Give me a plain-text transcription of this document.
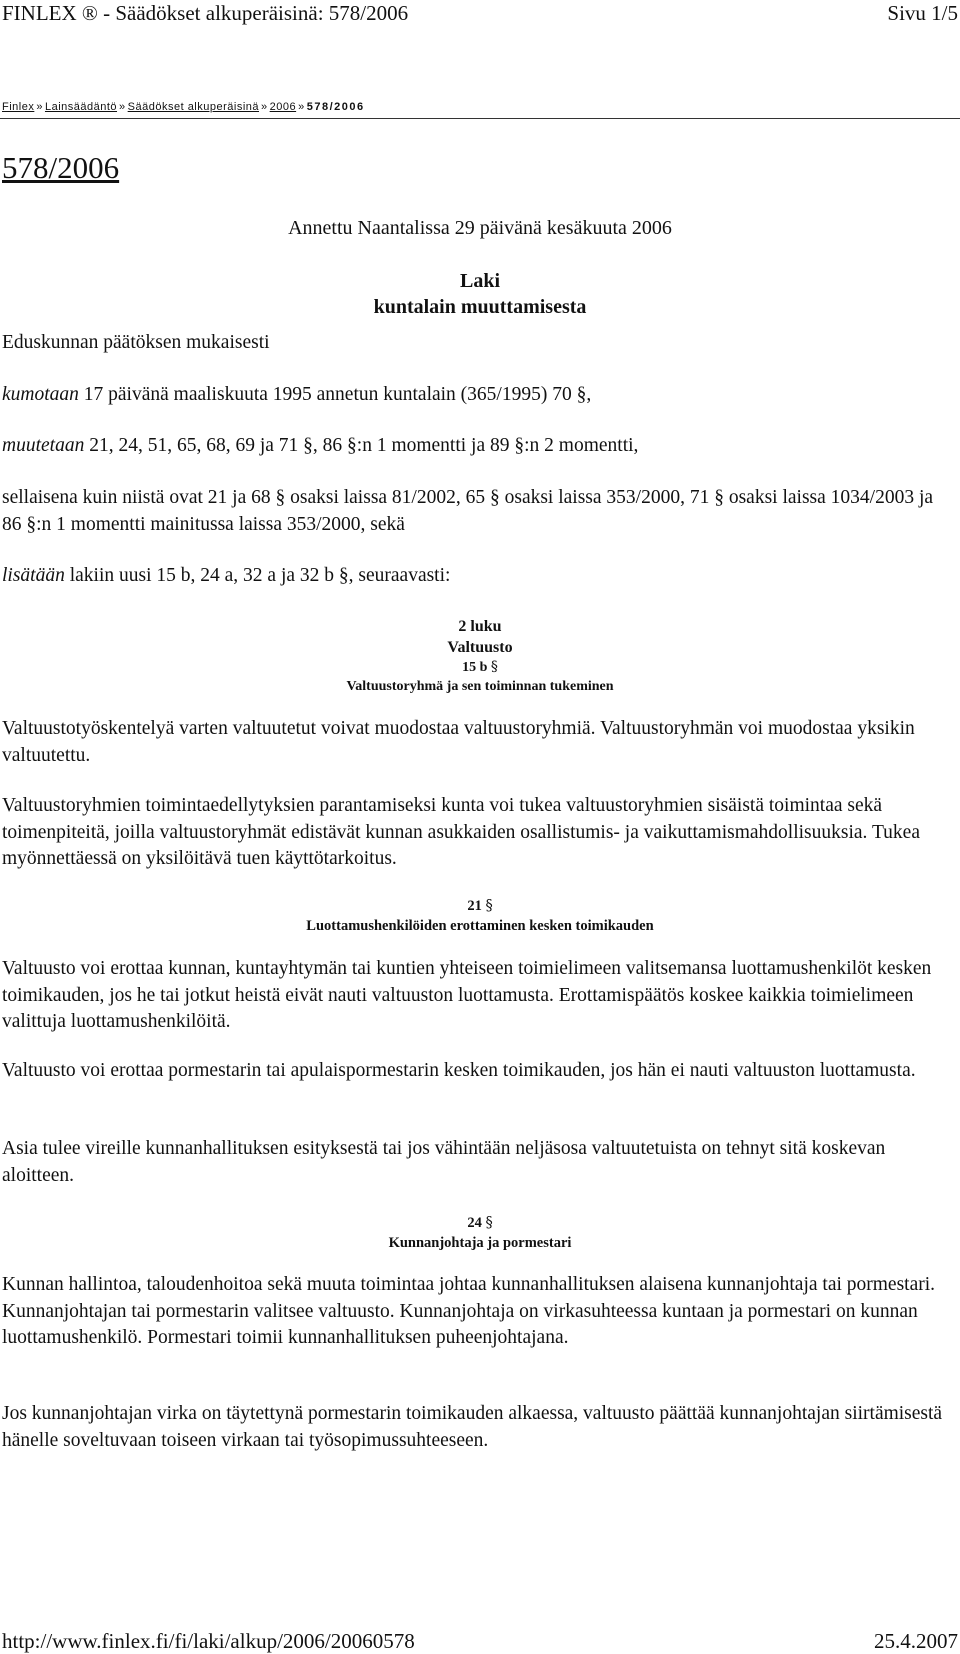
FINLEX ® - Säädökset alkuperäisinä: 578/2006	Sivu 1/5
Finlex » Lainsäädäntö » Säädökset alkuperäisinä » 2006 » 578/2006
578/2006
Annettu Naantalissa 29 päivänä kesäkuuta 2006
Laki
kuntalain muuttamisesta
Eduskunnan päätöksen mukaisesti
kumotaan 17 päivänä maaliskuuta 1995 annetun kuntalain (365/1995) 70 §,
muutetaan 21, 24, 51, 65, 68, 69 ja 71 §, 86 §:n 1 momentti ja 89 §:n 2 momentti,
sellaisena kuin niistä ovat 21 ja 68 § osaksi laissa 81/2002, 65 § osaksi laissa 353/2000, 71 § osaksi laissa 1034/2003 ja 86 §:n 1 momentti mainitussa laissa 353/2000, sekä
lisätään lakiin uusi 15 b, 24 a, 32 a ja 32 b §, seuraavasti:
2 luku
Valtuusto
15 b §
Valtuustoryhmä ja sen toiminnan tukeminen
Valtuustotyöskentelyä varten valtuutetut voivat muodostaa valtuustoryhmiä. Valtuustoryhmän voi muodostaa yksikin valtuutettu.
Valtuustoryhmien toimintaedellytyksien parantamiseksi kunta voi tukea valtuustoryhmien sisäistä toimintaa sekä toimenpiteitä, joilla valtuustoryhmät edistävät kunnan asukkaiden osallistumis- ja vaikuttamismahdollisuuksia. Tukea myönnettäessä on yksilöitävä tuen käyttötarkoitus.
21 §
Luottamushenkilöiden erottaminen kesken toimikauden
Valtuusto voi erottaa kunnan, kuntayhtymän tai kuntien yhteiseen toimielimeen valitsemansa luottamushenkilöt kesken toimikauden, jos he tai jotkut heistä eivät nauti valtuuston luottamusta. Erottamispäätös koskee kaikkia toimielimeen valittuja luottamushenkilöitä.
Valtuusto voi erottaa pormestarin tai apulaispormestarin kesken toimikauden, jos hän ei nauti valtuuston luottamusta.
Asia tulee vireille kunnanhallituksen esityksestä tai jos vähintään neljäsosa valtuutetuista on tehnyt sitä koskevan aloitteen.
24 §
Kunnanjohtaja ja pormestari
Kunnan hallintoa, taloudenhoitoa sekä muuta toimintaa johtaa kunnanhallituksen alaisena kunnanjohtaja tai pormestari. Kunnanjohtajan tai pormestarin valitsee valtuusto. Kunnanjohtaja on virkasuhteessa kuntaan ja pormestari on kunnan luottamushenkilö. Pormestari toimii kunnanhallituksen puheenjohtajana.
Jos kunnanjohtajan virka on täytettynä pormestarin toimikauden alkaessa, valtuusto päättää kunnanjohtajan siirtämisestä hänelle soveltuvaan toiseen virkaan tai työsopimussuhteeseen.
http://www.finlex.fi/fi/laki/alkup/2006/20060578	25.4.2007
